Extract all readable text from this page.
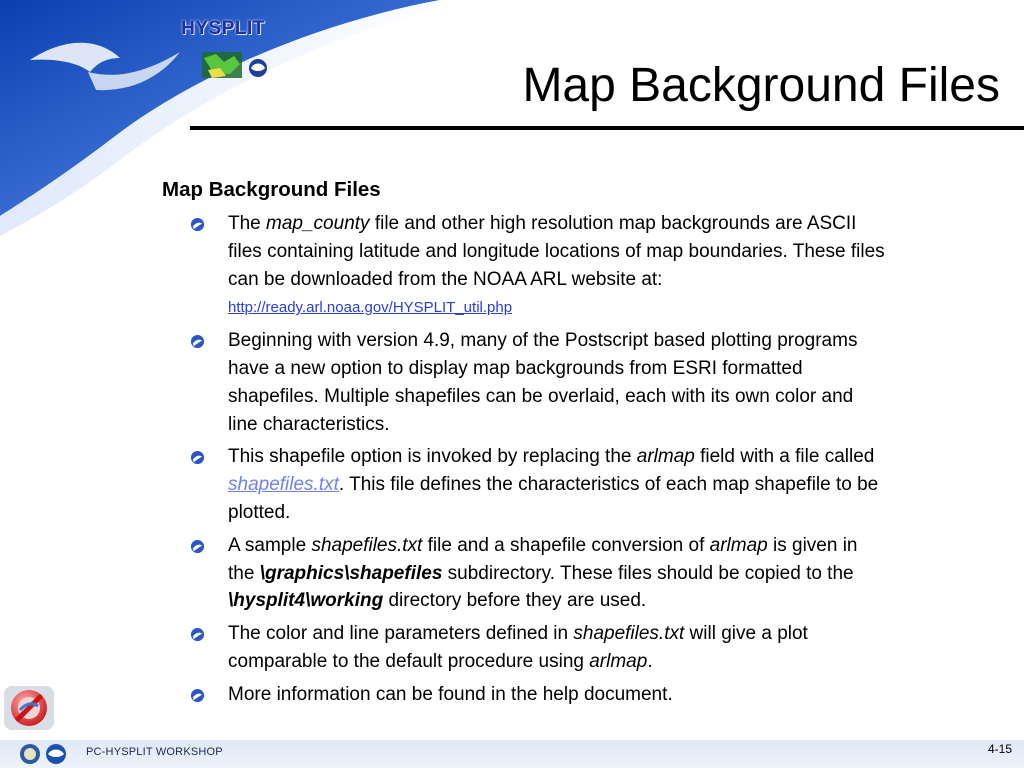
HYSPLIT
Map Background Files
Map Background Files
The map_county file and other high resolution map backgrounds are ASCII files containing latitude and longitude locations of map boundaries. These files can be downloaded from the NOAA ARL website at: http://ready.arl.noaa.gov/HYSPLIT_util.php
Beginning with version 4.9, many of the Postscript based plotting programs have a new option to display map backgrounds from ESRI formatted shapefiles. Multiple shapefiles can be overlaid, each with its own color and line characteristics.
This shapefile option is invoked by replacing the arlmap field with a file called shapefiles.txt. This file defines the characteristics of each map shapefile to be plotted.
A sample shapefiles.txt file and a shapefile conversion of arlmap is given in the \graphics\shapefiles subdirectory. These files should be copied to the \hysplit4\working directory before they are used.
The color and line parameters defined in shapefiles.txt will give a plot comparable to the default procedure using arlmap.
More information can be found in the help document.
PC-HYSPLIT WORKSHOP	4-15
